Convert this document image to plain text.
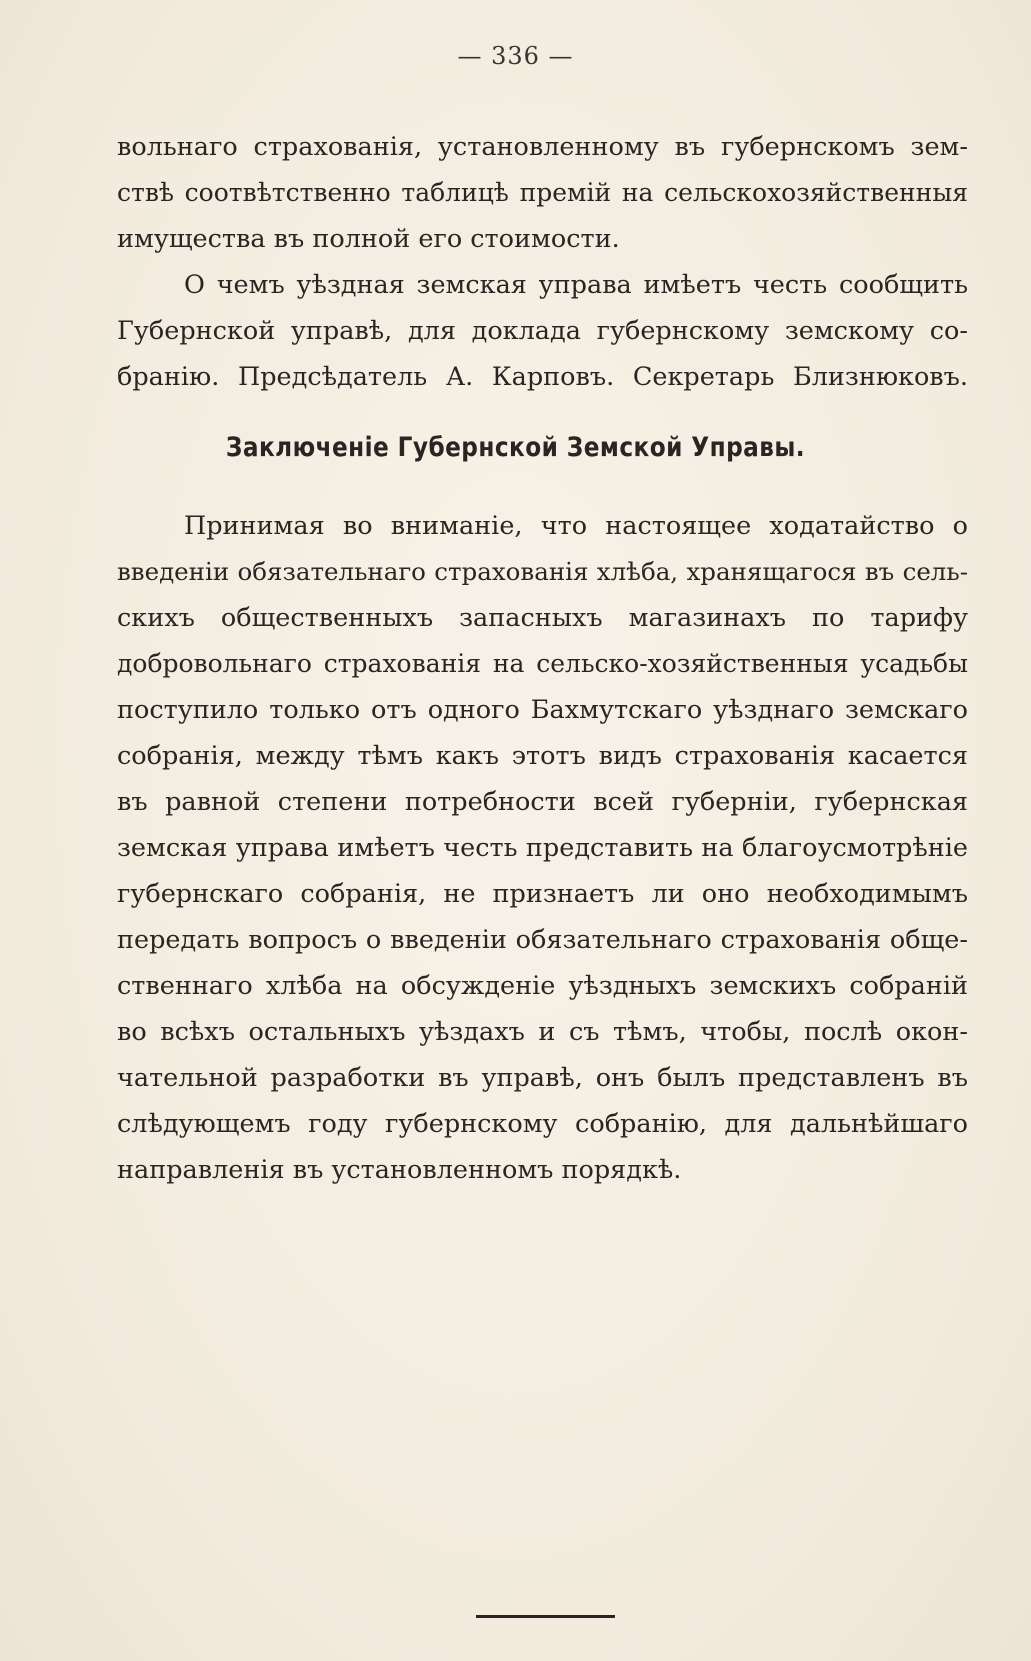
— 336 —
вольнаго страхованія, установленному въ губернскомъ зем-
ствѣ соотвѣтственно таблицѣ премій на сельскохозяйственныя
имущества въ полной его стоимости.
О чемъ уѣздная земская управа имѣетъ честь сообщить
Губернской управѣ, для доклада губернскому земскому со-
бранію. Предсѣдатель А. Карповъ. Секретарь Близнюковъ.
Заключеніе Губернской Земской Управы.
Принимая во вниманіе, что настоящее ходатайство о
введеніи обязательнаго страхованія хлѣба, хранящагося въ сель-
скихъ общественныхъ запасныхъ магазинахъ по тарифу
добровольнаго страхованія на сельско-хозяйственныя усадьбы
поступило только отъ одного Бахмутскаго уѣзднаго земскаго
собранія, между тѣмъ какъ этотъ видъ страхованія касается
въ равной степени потребности всей губерніи, губернская
земская управа имѣетъ честь представить на благоусмотрѣніе
губернскаго собранія, не признаетъ ли оно необходимымъ
передать вопросъ о введеніи обязательнаго страхованія обще-
ственнаго хлѣба на обсужденіе уѣздныхъ земскихъ собраній
во всѣхъ остальныхъ уѣздахъ и съ тѣмъ, чтобы, послѣ окон-
чательной разработки въ управѣ, онъ былъ представленъ въ
слѣдующемъ году губернскому собранію, для дальнѣйшаго
направленія въ установленномъ порядкѣ.
